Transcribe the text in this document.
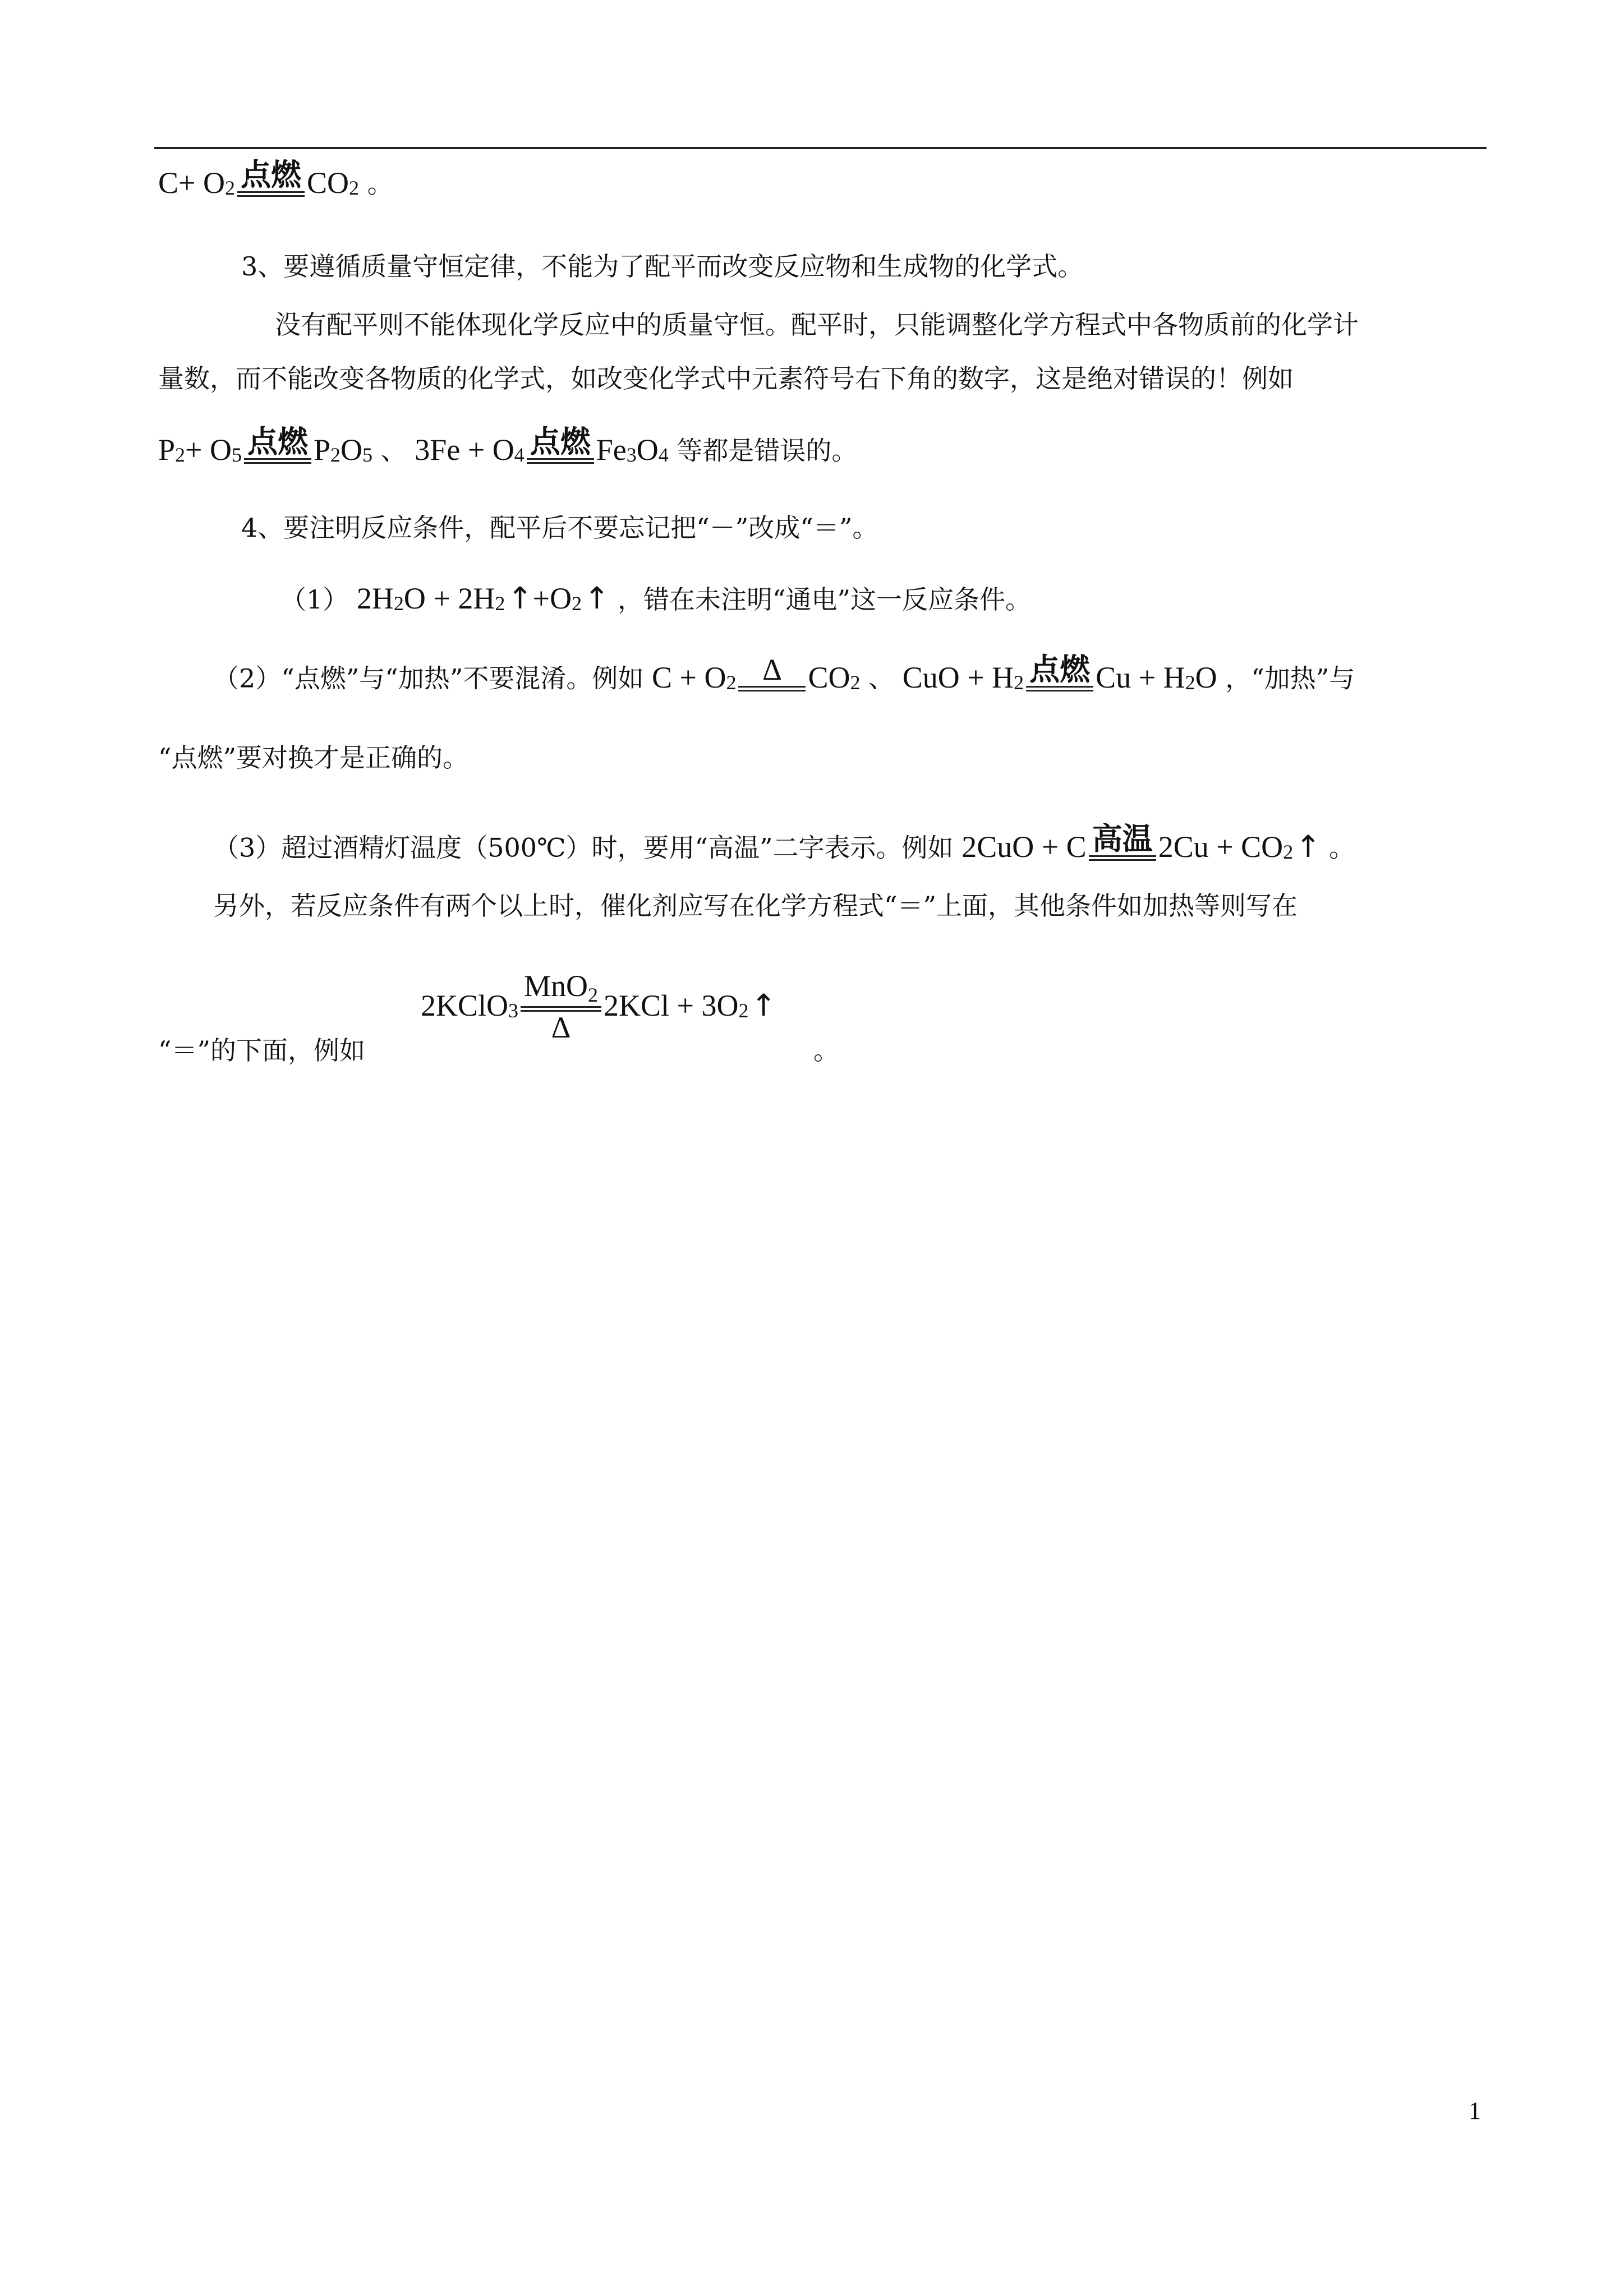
C + O 2 点燃 CO 2 。
3、要遵循质量守恒定律，不能为了配平而改变反应物和生成物的化学式。
没有配平则不能体现化学反应中的质量守恒。配平时，只能调整化学方程式中各物质前的化学计
量数，而不能改变各物质的化学式，如改变化学式中元素符号右下角的数字，这是绝对错误的！例如
P 2 + O 5 点燃 P 2 O 5 、 3Fe + O 4 点燃 Fe 3 O 4 等都是错误的。
4、要注明反应条件，配平后不要忘记把“－”改成“＝”。
（1） 2H 2 O + 2H 2 ↑ +O 2 ↑ ，错在未注明“通电”这一反应条件。
（2）“点燃”与“加热”不要混淆。例如 C + O 2 Δ CO 2 、 CuO + H 2 点燃 Cu + H 2 O ，“加热”与
“点燃”要对换才是正确的。
（3）超过酒精灯温度（500℃）时，要用“高温”二字表示。例如 2CuO + C 高温 2Cu + CO 2 ↑ 。
另外，若反应条件有两个以上时，催化剂应写在化学方程式“＝”上面，其他条件如加热等则写在
2KClO 3
MnO$_2$
Δ
2KCl + 3O 2 ↑
“＝”的下面，例如	。
1
